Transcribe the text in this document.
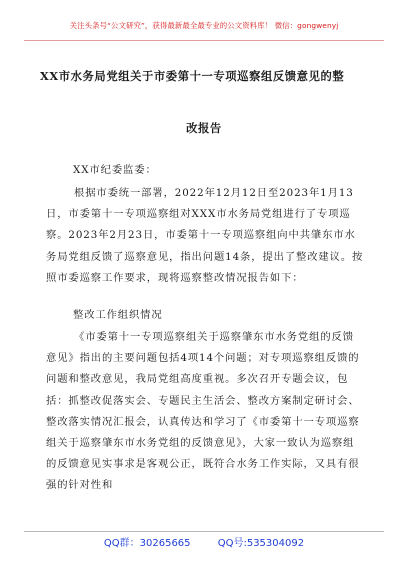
关注头条号“公文研究”，获得最新最全最专业的公文资料库！ 微信：gongwenyj
XX市水务局党组关于市委第十一专项巡察组反馈意见的整
改报告
XX市纪委监委：
根据市委统一部署，2022年12月12日至2023年1月13日，市委第十一专项巡察组对XXX市水务局党组进行了专项巡察。2023年2月23日，市委第十一专项巡察组向中共肇东市水务局党组反馈了巡察意见，指出问题14条，提出了整改建议。按照市委巡察工作要求，现将巡察整改情况报告如下：
整改工作组织情况
《市委第十一专项巡察组关于巡察肇东市水务党组的反馈意见》指出的主要问题包括4项14个问题；对专项巡察组反馈的问题和整改意见，我局党组高度重视。多次召开专题会议，包括：抓整改促落实会、专题民主生活会、整改方案制定研讨会、整改落实情况汇报会，认真传达和学习了《市委第十一专项巡察组关于巡察肇东市水务党组的反馈意见》，大家一致认为巡察组的反馈意见实事求是客观公正，既符合水务工作实际，又具有很强的针对性和
QQ群：30265665	QQ号:535304092
